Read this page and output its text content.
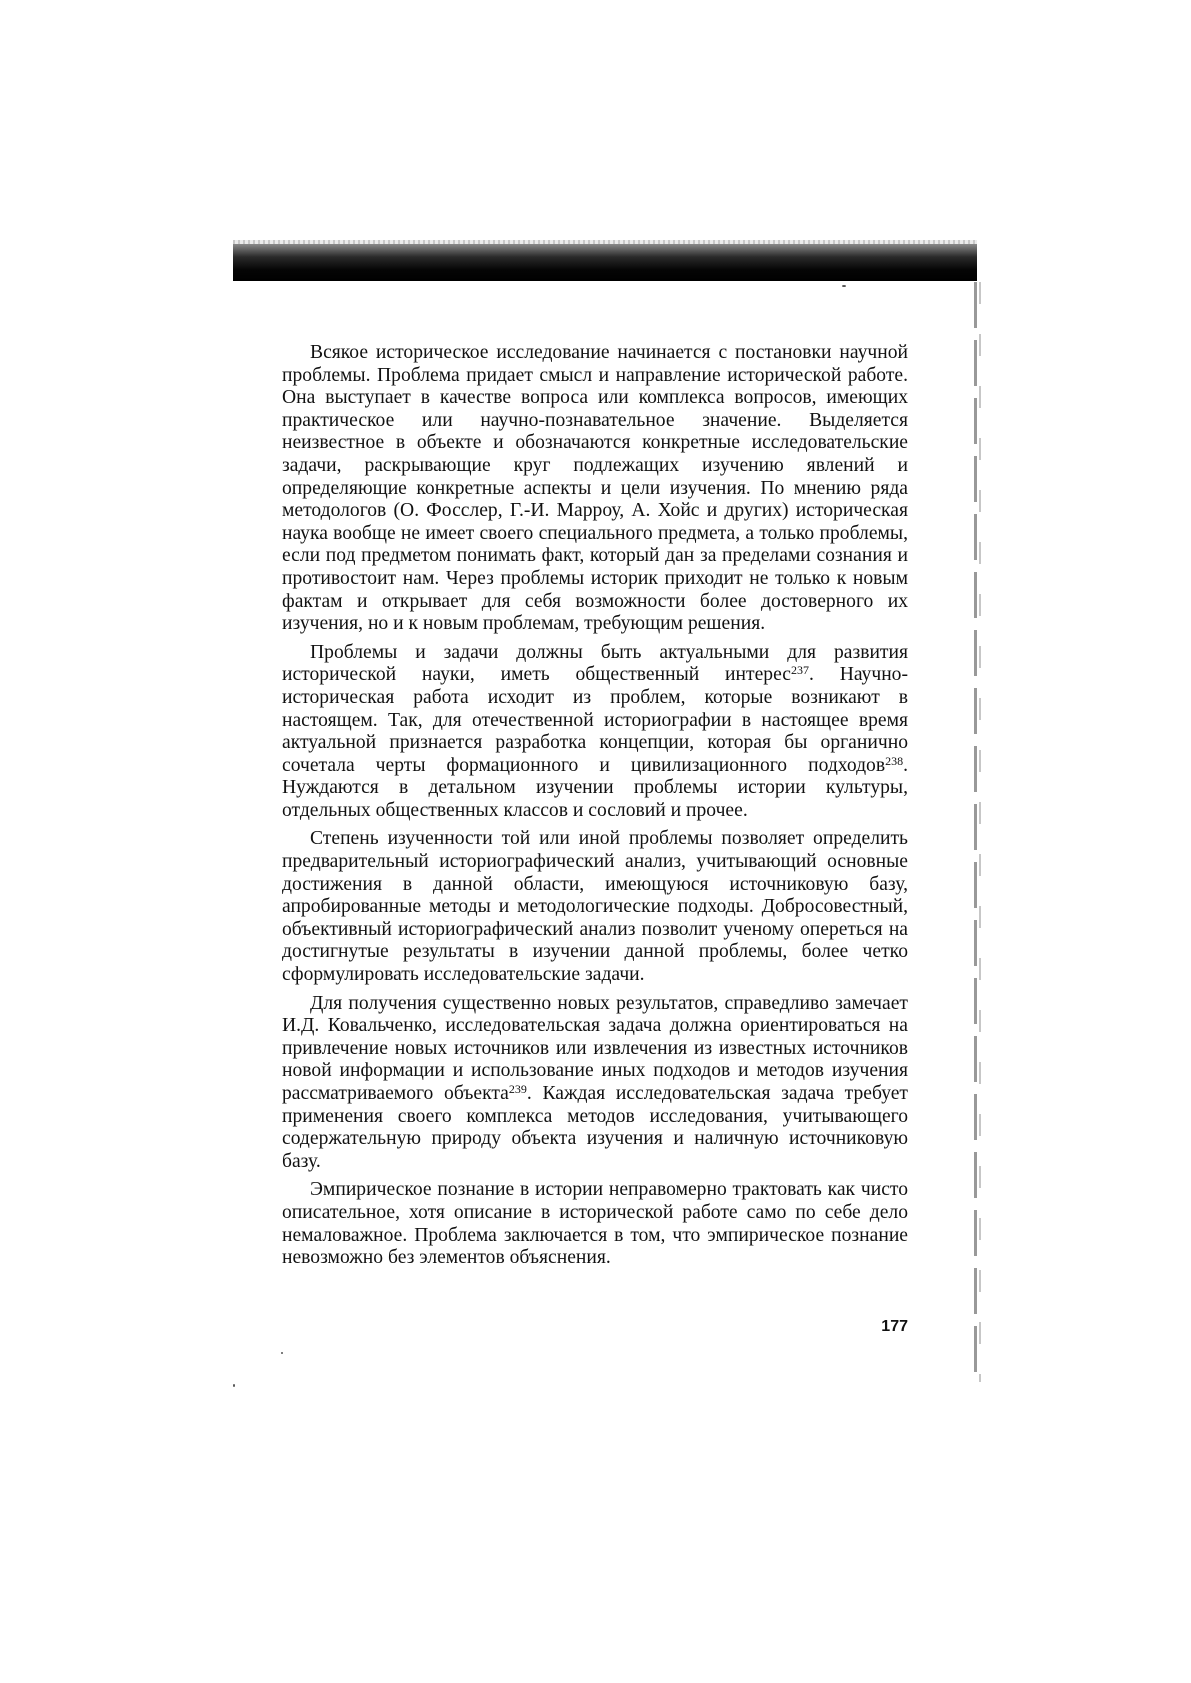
Всякое историческое исследование начинается с постановки научной проблемы. Проблема придает смысл и направление исторической работе. Она выступает в качестве вопроса или комплекса вопросов, имеющих практическое или научно-познавательное значение. Выделяется неизвестное в объекте и обозначаются конкретные исследовательские задачи, раскрывающие круг подлежащих изучению явлений и определяющие конкретные аспекты и цели изучения. По мнению ряда методологов (О. Фосслер, Г.-И. Марроу, А. Хойс и других) историческая наука вообще не имеет своего специального предмета, а только проблемы, если под предметом понимать факт, который дан за пределами сознания и противостоит нам. Через проблемы историк приходит не только к новым фактам и открывает для себя возможности более достоверного их изучения, но и к новым проблемам, требующим решения.

Проблемы и задачи должны быть актуальными для развития исторической науки, иметь общественный интерес$^{237}$. Научно-историческая работа исходит из проблем, которые возникают в настоящем. Так, для отечественной историографии в настоящее время актуальной признается разработка концепции, которая бы органично сочетала черты формационного и цивилизационного подходов$^{238}$. Нуждаются в детальном изучении проблемы истории культуры, отдельных общественных классов и сословий и прочее.

Степень изученности той или иной проблемы позволяет определить предварительный историографический анализ, учитывающий основные достижения в данной области, имеющуюся источниковую базу, апробированные методы и методологические подходы. Добросовестный, объективный историографический анализ позволит ученому опереться на достигнутые результаты в изучении данной проблемы, более четко сформулировать исследовательские задачи.

Для получения существенно новых результатов, справедливо замечает И.Д. Ковальченко, исследовательская задача должна ориентироваться на привлечение новых источников или извлечения из известных источников новой информации и использование иных подходов и методов изучения рассматриваемого объекта$^{239}$. Каждая исследовательская задача требует применения своего комплекса методов исследования, учитывающего содержательную природу объекта изучения и наличную источниковую базу.

Эмпирическое познание в истории неправомерно трактовать как чисто описательное, хотя описание в исторической работе само по себе дело немаловажное. Проблема заключается в том, что эмпирическое познание невозможно без элементов объяснения.

177
